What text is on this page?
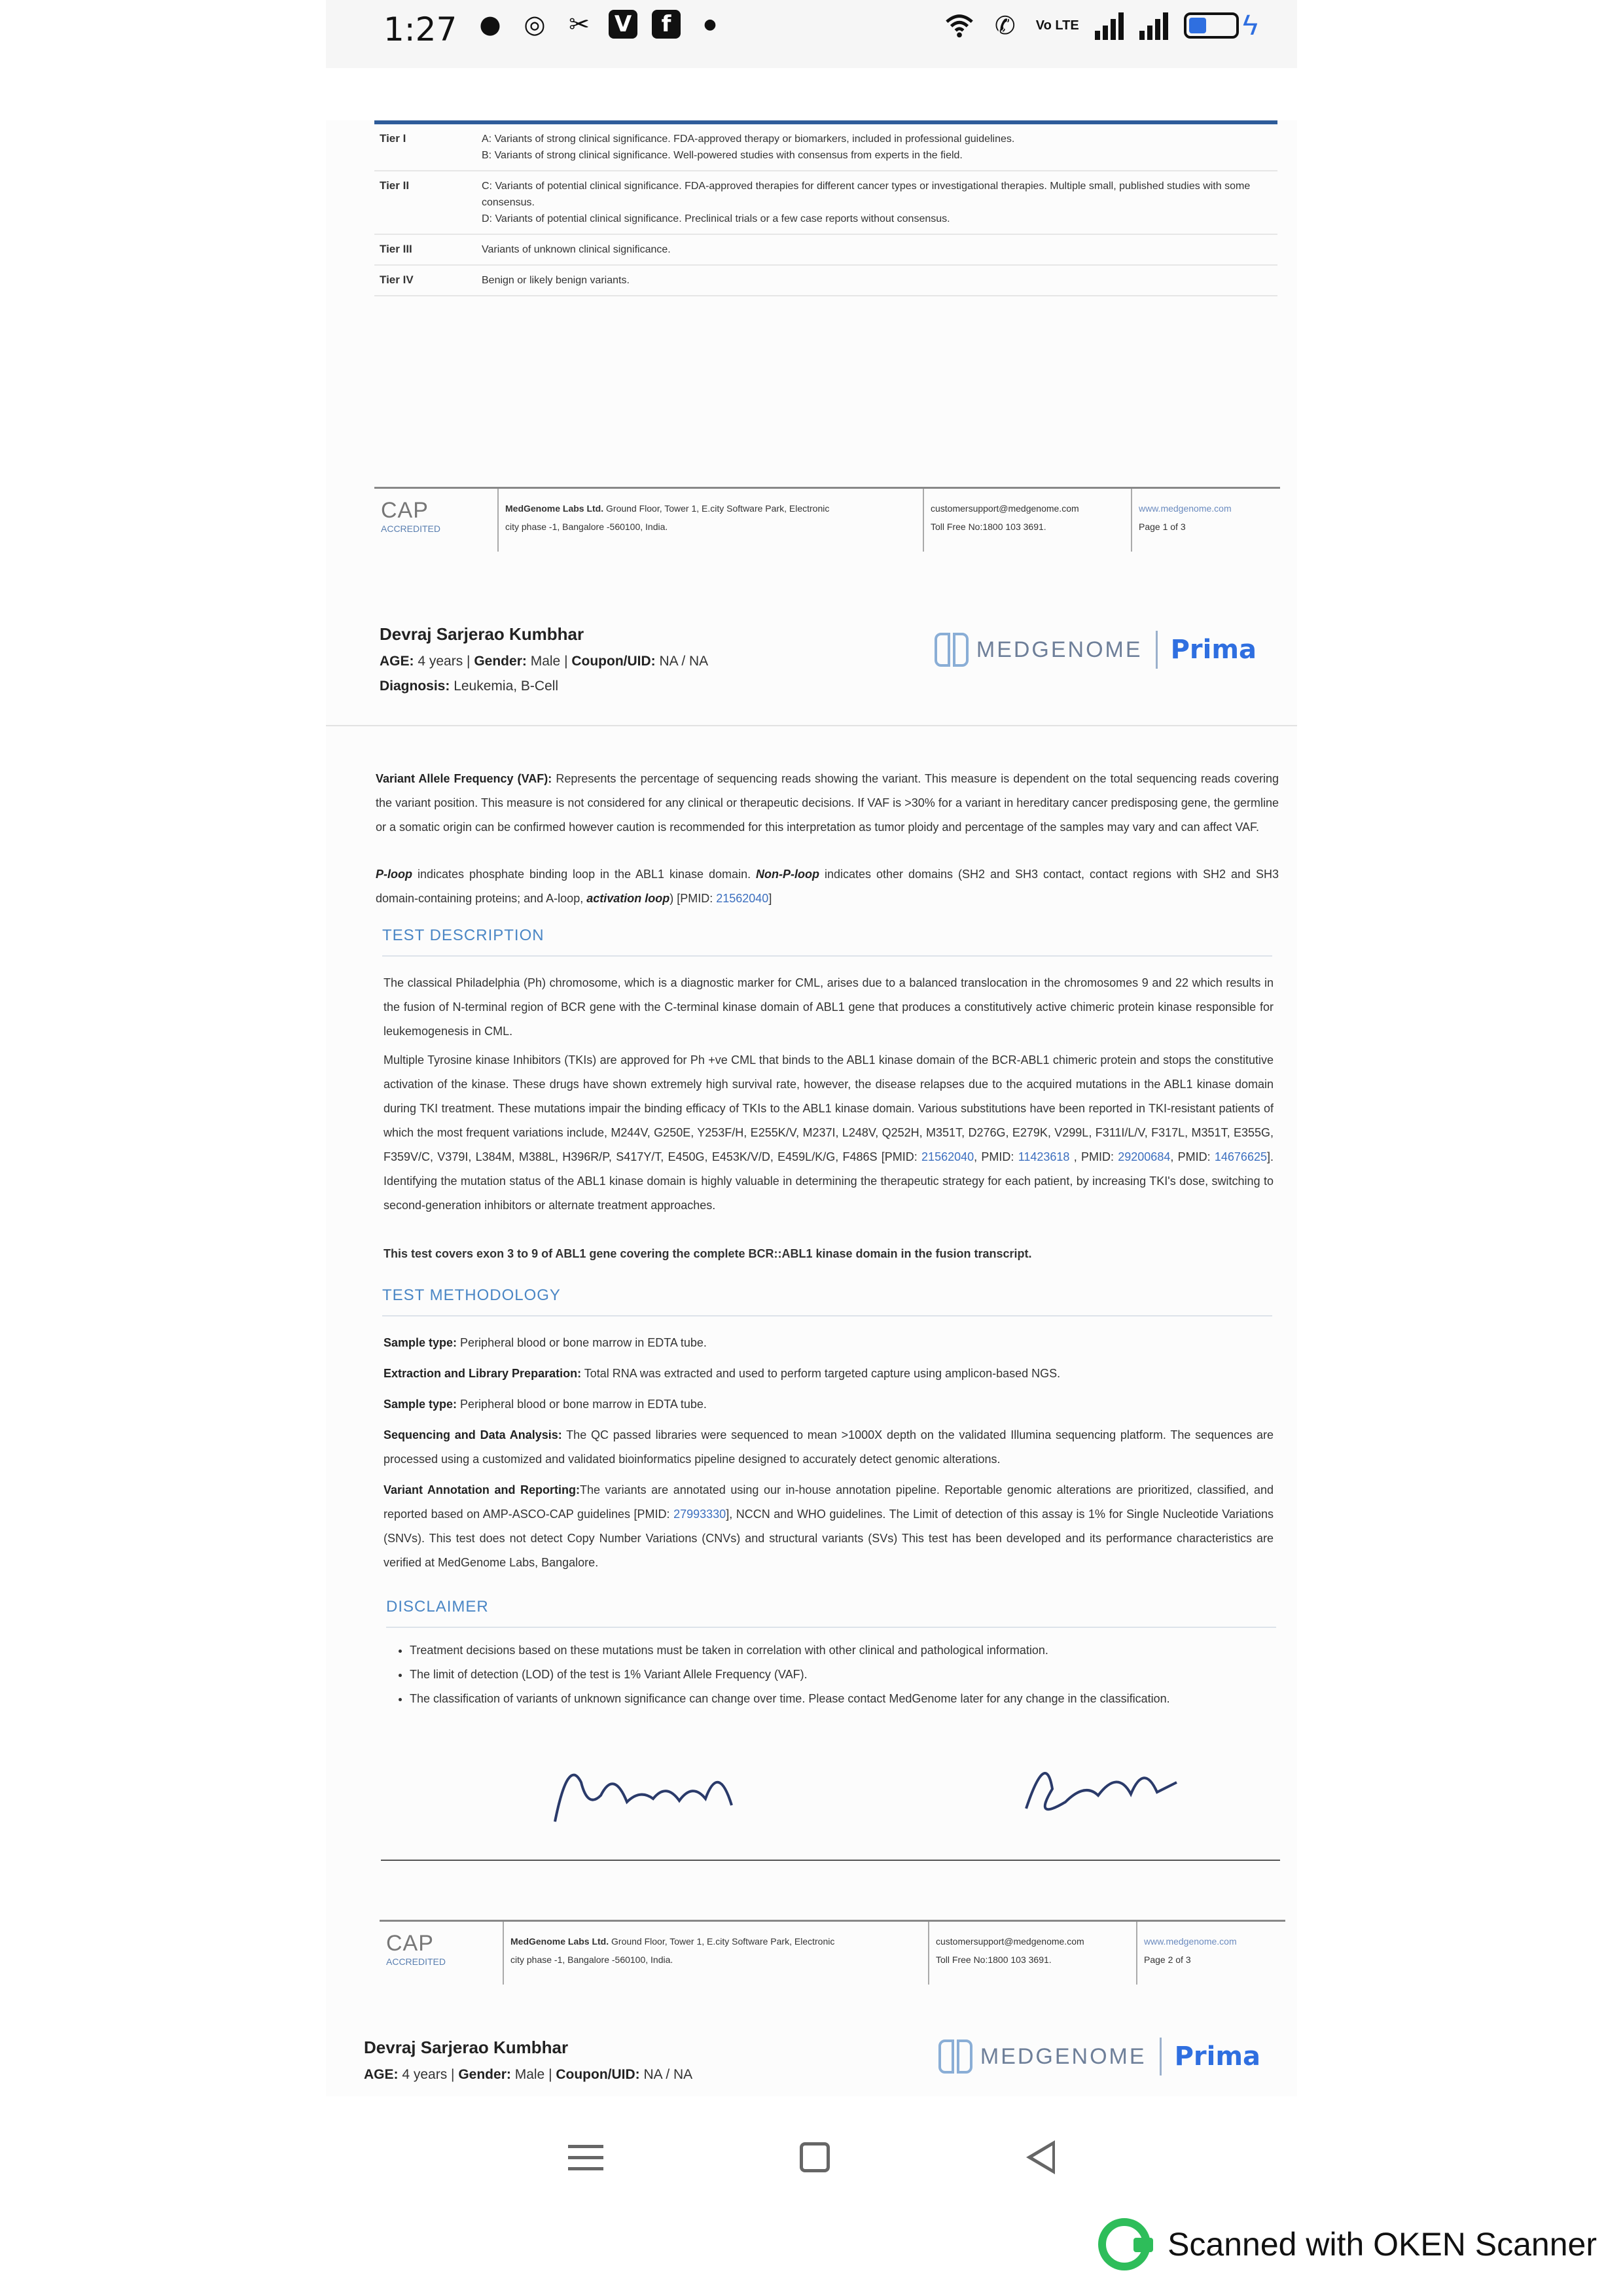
1:27 ● ◎ ✂ V	f	●	✆	Vo LTE	ϟ
Tier I	A: Variants of strong clinical significance. FDA-approved therapy or biomarkers, included in professional guidelines.
B: Variants of strong clinical significance. Well-powered studies with consensus from experts in the field.
Tier II	C: Variants of potential clinical significance. FDA-approved therapies for different cancer types or investigational therapies. Multiple small, published studies with some consensus.
D: Variants of potential clinical significance. Preclinical trials or a few case reports without consensus.
Tier III	Variants of unknown clinical significance.
Tier IV	Benign or likely benign variants.
CAP
ACCREDITED
MedGenome Labs Ltd. Ground Floor, Tower 1, E.city Software Park, Electronic
city phase -1, Bangalore -560100, India.
customersupport@medgenome.com
Toll Free No:1800 103 3691.
www.medgenome.com
Page 1 of 3
Devraj Sarjerao Kumbhar
AGE: 4 years | Gender: Male | Coupon/UID: NA / NA
Diagnosis: Leukemia, B-Cell
MEDGENOME Prima
Variant Allele Frequency (VAF): Represents the percentage of sequencing reads showing the variant. This measure is dependent on the total sequencing reads covering the variant position. This measure is not considered for any clinical or therapeutic decisions. If VAF is >30% for a variant in hereditary cancer predisposing gene, the germline or a somatic origin can be confirmed however caution is recommended for this interpretation as tumor ploidy and percentage of the samples may vary and can affect VAF.
P-loop indicates phosphate binding loop in the ABL1 kinase domain. Non-P-loop indicates other domains (SH2 and SH3 contact, contact regions with SH2 and SH3 domain-containing proteins; and A-loop, activation loop) [PMID: 21562040]
TEST DESCRIPTION
The classical Philadelphia (Ph) chromosome, which is a diagnostic marker for CML, arises due to a balanced translocation in the chromosomes 9 and 22 which results in the fusion of N-terminal region of BCR gene with the C-terminal kinase domain of ABL1 gene that produces a constitutively active chimeric protein kinase responsible for leukemogenesis in CML.
Multiple Tyrosine kinase Inhibitors (TKIs) are approved for Ph +ve CML that binds to the ABL1 kinase domain of the BCR-ABL1 chimeric protein and stops the constitutive activation of the kinase. These drugs have shown extremely high survival rate, however, the disease relapses due to the acquired mutations in the ABL1 kinase domain during TKI treatment. These mutations impair the binding efficacy of TKIs to the ABL1 kinase domain. Various substitutions have been reported in TKI-resistant patients of which the most frequent variations include, M244V, G250E, Y253F/H, E255K/V, M237I, L248V, Q252H, M351T, D276G, E279K, V299L, F311I/L/V, F317L, M351T, E355G, F359V/C, V379I, L384M, M388L, H396R/P, S417Y/T, E450G, E453K/V/D, E459L/K/G, F486S [PMID: 21562040, PMID: 11423618 , PMID: 29200684, PMID: 14676625]. Identifying the mutation status of the ABL1 kinase domain is highly valuable in determining the therapeutic strategy for each patient, by increasing TKI's dose, switching to second-generation inhibitors or alternate treatment approaches.
This test covers exon 3 to 9 of ABL1 gene covering the complete BCR::ABL1 kinase domain in the fusion transcript.
TEST METHODOLOGY
Sample type: Peripheral blood or bone marrow in EDTA tube.
Extraction and Library Preparation: Total RNA was extracted and used to perform targeted capture using amplicon-based NGS.
Sample type: Peripheral blood or bone marrow in EDTA tube.
Sequencing and Data Analysis: The QC passed libraries were sequenced to mean >1000X depth on the validated Illumina sequencing platform. The sequences are processed using a customized and validated bioinformatics pipeline designed to accurately detect genomic alterations.
Variant Annotation and Reporting:The variants are annotated using our in-house annotation pipeline. Reportable genomic alterations are prioritized, classified, and reported based on AMP-ASCO-CAP guidelines [PMID: 27993330], NCCN and WHO guidelines. The Limit of detection of this assay is 1% for Single Nucleotide Variations (SNVs). This test does not detect Copy Number Variations (CNVs) and structural variants (SVs) This test has been developed and its performance characteristics are verified at MedGenome Labs, Bangalore.
DISCLAIMER
• Treatment decisions based on these mutations must be taken in correlation with other clinical and pathological information.
• The limit of detection (LOD) of the test is 1% Variant Allele Frequency (VAF).
• The classification of variants of unknown significance can change over time. Please contact MedGenome later for any change in the classification.
CAP
ACCREDITED
MedGenome Labs Ltd. Ground Floor, Tower 1, E.city Software Park, Electronic
city phase -1, Bangalore -560100, India.
customersupport@medgenome.com
Toll Free No:1800 103 3691.
www.medgenome.com
Page 2 of 3
Devraj Sarjerao Kumbhar
AGE: 4 years | Gender: Male | Coupon/UID: NA / NA
MEDGENOME Prima
Scanned with OKEN Scanner
